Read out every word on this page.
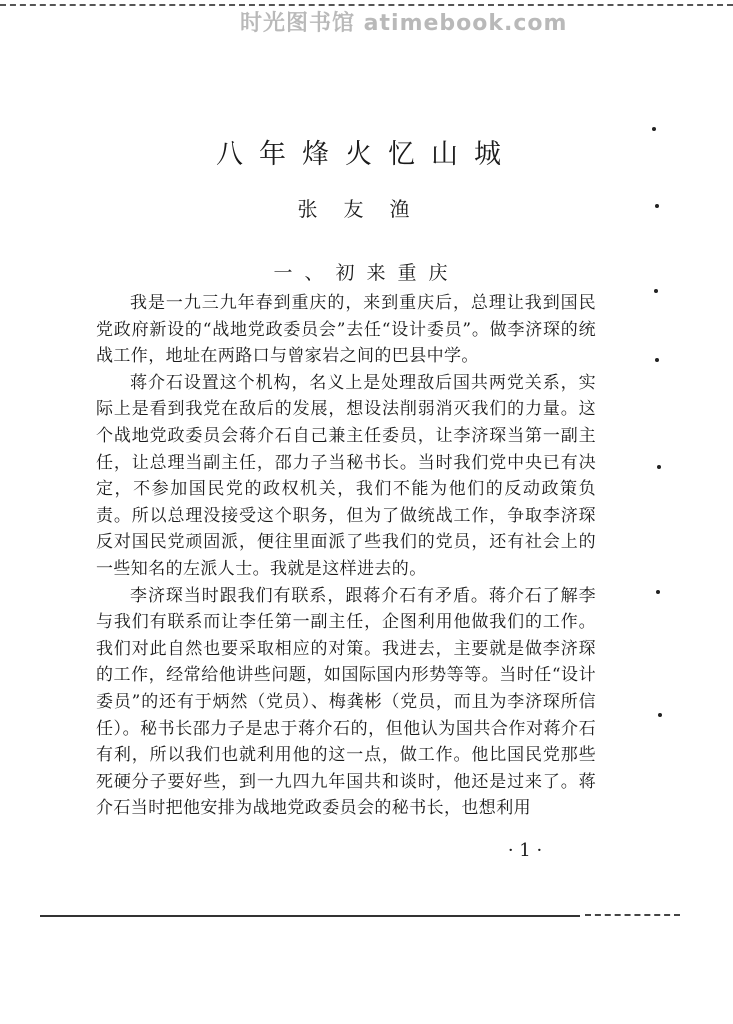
时光图书馆 atimebook.com
八年烽火忆山城
张友渔
一、初来重庆

我是一九三九年春到重庆的，来到重庆后，总理让我到国民党政府新设的“战地党政委员会”去任“设计委员”。做李济琛的统战工作，地址在两路口与曾家岩之间的巴县中学。

蒋介石设置这个机构，名义上是处理敌后国共两党关系，实际上是看到我党在敌后的发展，想设法削弱消灭我们的力量。这个战地党政委员会蒋介石自己兼主任委员，让李济琛当第一副主任，让总理当副主任，邵力子当秘书长。当时我们党中央已有决定，不参加国民党的政权机关，我们不能为他们的反动政策负责。所以总理没接受这个职务，但为了做统战工作，争取李济琛反对国民党顽固派，便往里面派了些我们的党员，还有社会上的一些知名的左派人士。我就是这样进去的。

李济琛当时跟我们有联系，跟蒋介石有矛盾。蒋介石了解李与我们有联系而让李任第一副主任，企图利用他做我们的工作。我们对此自然也要采取相应的对策。我进去，主要就是做李济琛的工作，经常给他讲些问题，如国际国内形势等等。当时任“设计委员”的还有于炳然（党员）、梅龚彬（党员，而且为李济琛所信任）。秘书长邵力子是忠于蒋介石的，但他认为国共合作对蒋介石有利，所以我们也就利用他的这一点，做工作。他比国民党那些死硬分子要好些，到一九四九年国共和谈时，他还是过来了。蒋介石当时把他安排为战地党政委员会的秘书长，也想利用

· 1 ·
